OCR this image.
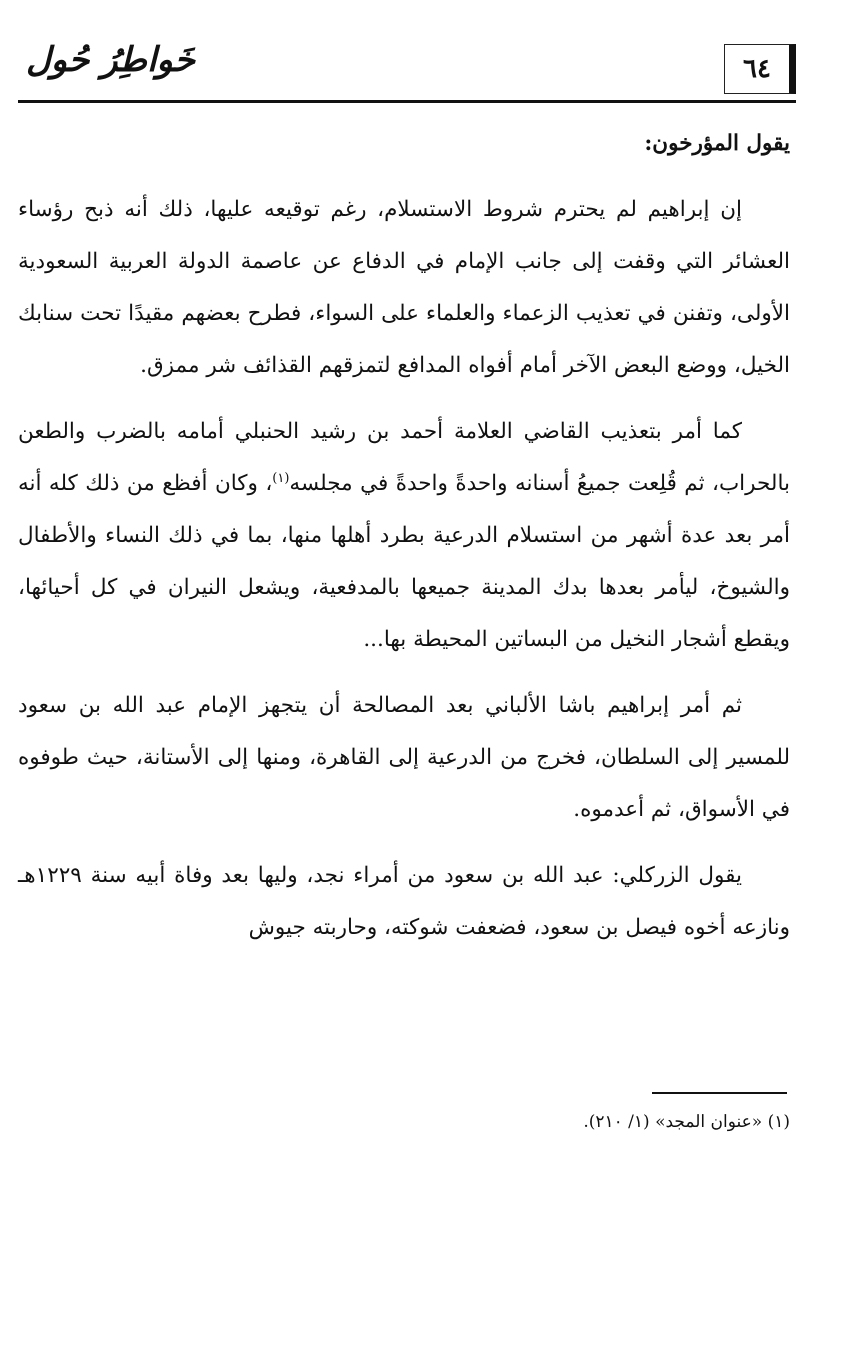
خَواطِرُ حُول	٦٤

يقول المؤرخون:

إن إبراهيم لم يحترم شروط الاستسلام، رغم توقيعه عليها، ذلك أنه ذبح رؤساء العشائر التي وقفت إلى جانب الإمام في الدفاع عن عاصمة الدولة العربية السعودية الأولى، وتفنن في تعذيب الزعماء والعلماء على السواء، فطرح بعضهم مقيدًا تحت سنابك الخيل، ووضع البعض الآخر أمام أفواه المدافع لتمزقهم القذائف شر ممزق.

كما أمر بتعذيب القاضي العلامة أحمد بن رشيد الحنبلي أمامه بالضرب والطعن بالحراب، ثم قُلِعت جميعُ أسنانه واحدةً واحدةً في مجلسه$^{(١)}$، وكان أفظع من ذلك كله أنه أمر بعد عدة أشهر من استسلام الدرعية بطرد أهلها منها، بما في ذلك النساء والأطفال والشيوخ، ليأمر بعدها بدك المدينة جميعها بالمدفعية، ويشعل النيران في كل أحيائها، ويقطع أشجار النخيل من البساتين المحيطة بها...

ثم أمر إبراهيم باشا الألباني بعد المصالحة أن يتجهز الإمام عبد الله بن سعود للمسير إلى السلطان، فخرج من الدرعية إلى القاهرة، ومنها إلى الأستانة، حيث طوفوه في الأسواق، ثم أعدموه.

يقول الزركلي: عبد الله بن سعود من أمراء نجد، وليها بعد وفاة أبيه سنة ١٢٢٩هـ ونازعه أخوه فيصل بن سعود، فضعفت شوكته، وحاربته جيوش

(١) «عنوان المجد» (١/ ٢١٠).
